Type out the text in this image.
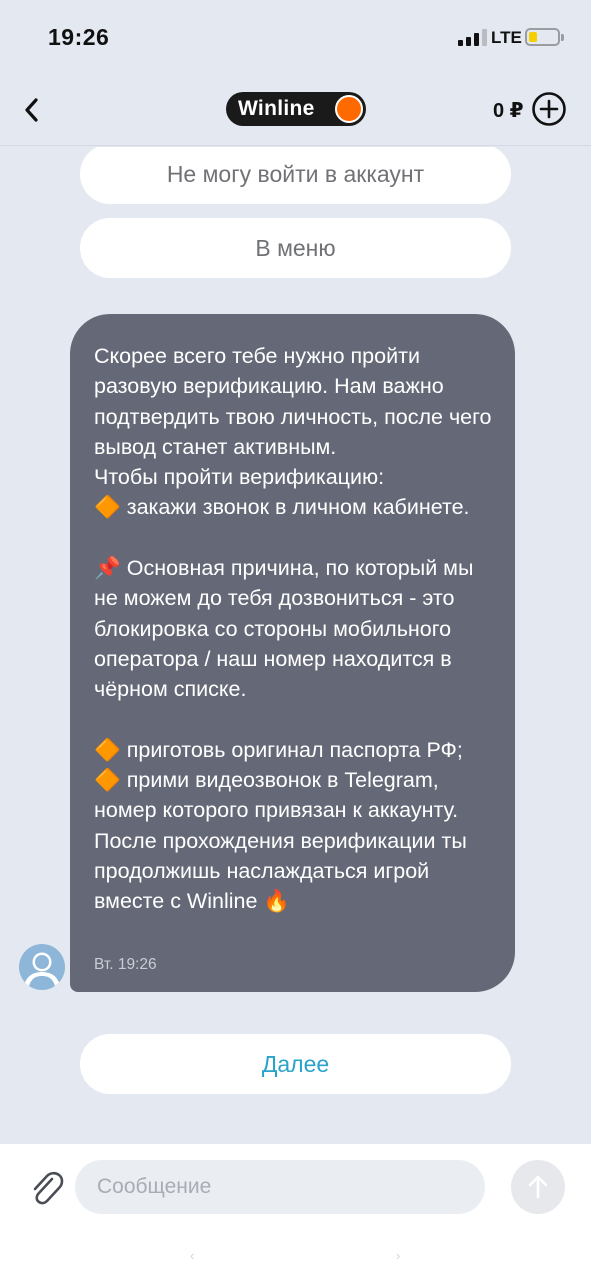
19:26	LTE
Winline	0 ₽
Не могу войти в аккаунт
В меню
Скорее всего тебе нужно пройти разовую верификацию. Нам важно подтвердить твою личность, после чего вывод станет активным.
Чтобы пройти верификацию:
🔶 закажи звонок в личном кабинете.

📌 Основная причина, по который мы не можем до тебя дозвониться - это блокировка со стороны мобильного оператора / наш номер находится в чёрном списке.

🔶 приготовь оригинал паспорта РФ;
🔶 прими видеозвонок в Telegram, номер которого привязан к аккаунту.
После прохождения верификации ты продолжишь наслаждаться игрой вместе с Winline 🔥
Вт. 19:26
Далее
Сообщение
‹	›
